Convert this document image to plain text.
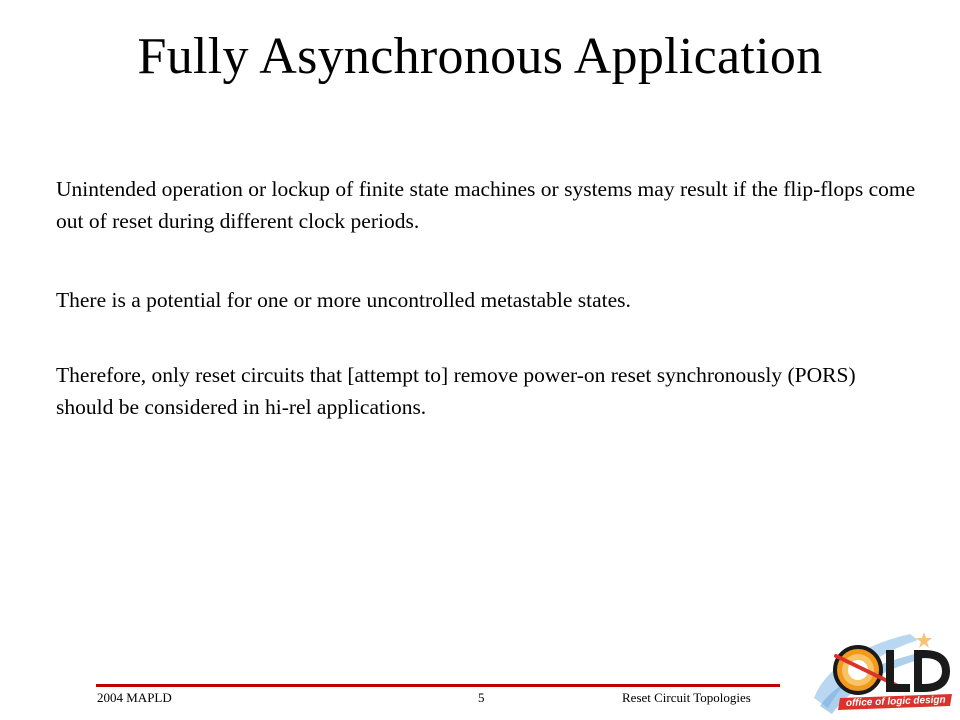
Fully Asynchronous Application

Unintended operation or lockup of finite state machines or systems may result if the flip-flops come out of reset during different clock periods.

There is a potential for one or more uncontrolled metastable states.

Therefore, only reset circuits that [attempt to] remove power-on reset synchronously (PORS) should be considered in hi-rel applications.

2004 MAPLD	5	Reset Circuit Topologies	office of logic design
